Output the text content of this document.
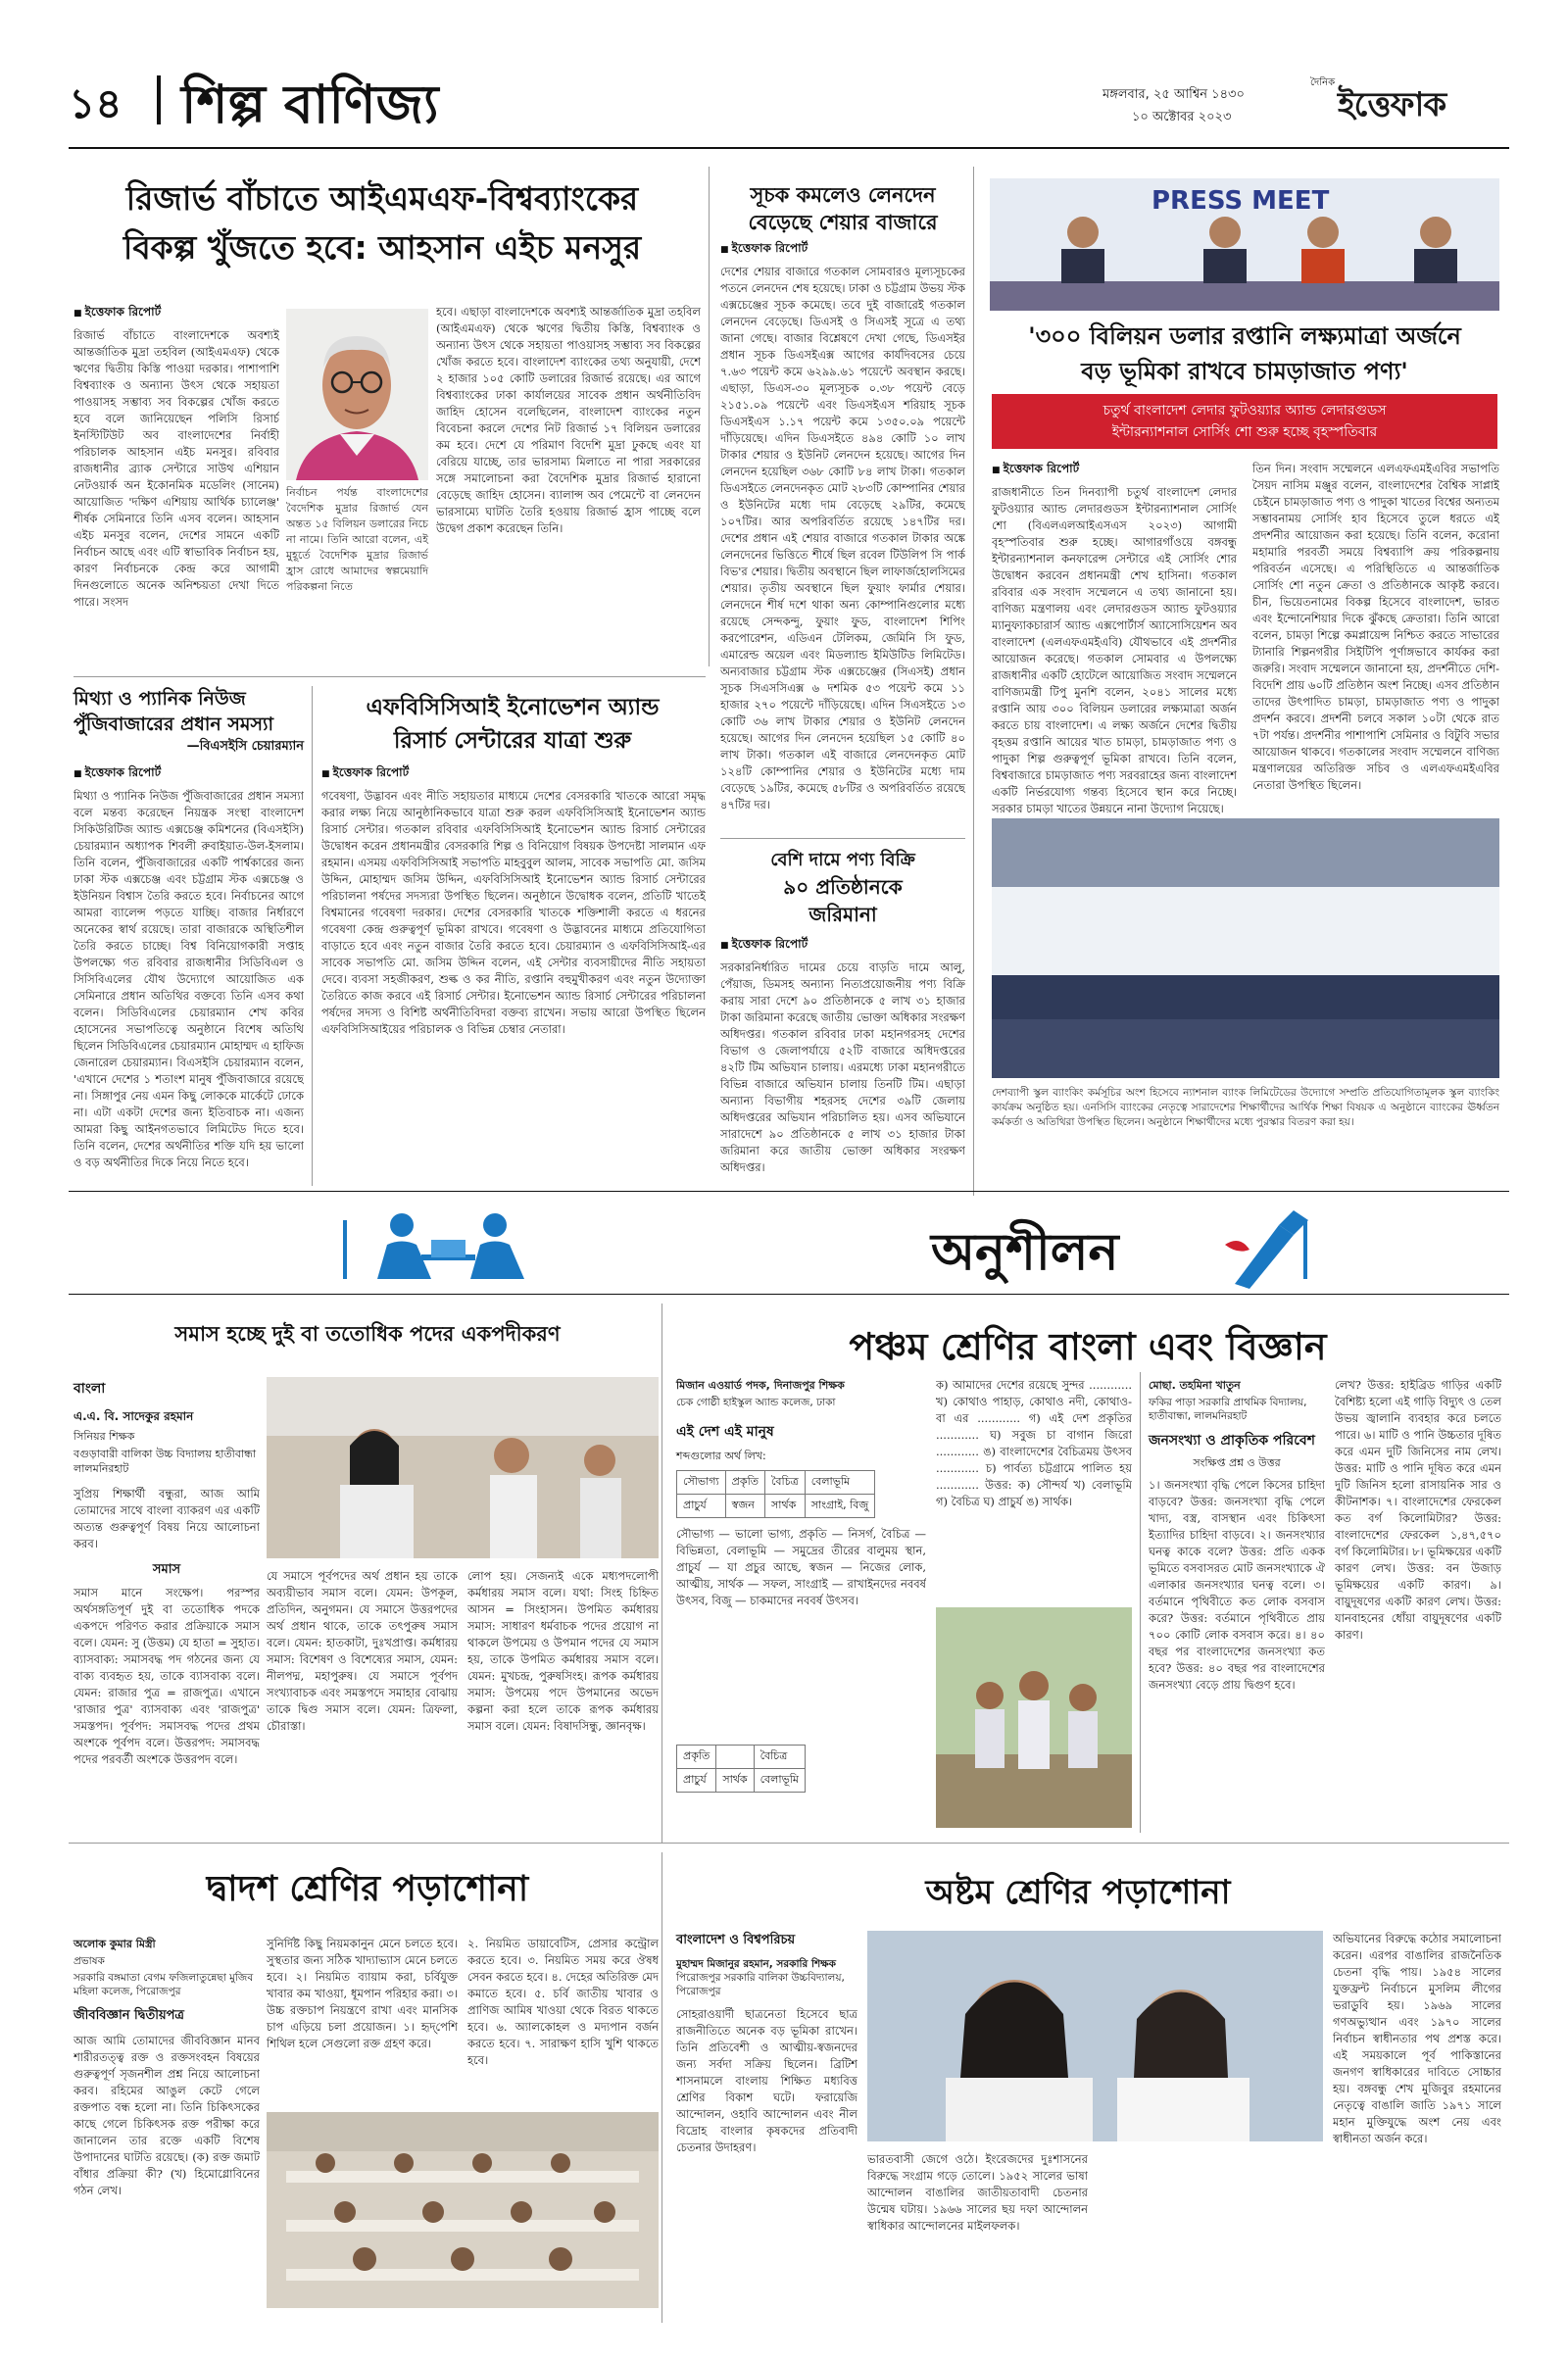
১৪ শিল্প বাণিজ্য	মঙ্গলবার, ২৫ আশ্বিন ১৪৩০
১০ অক্টোবর ২০২৩
দৈনিক
ইত্তেফাক
রিজার্ভ বাঁচাতে আইএমএফ-বিশ্বব্যাংকের
বিকল্প খুঁজতে হবে: আহসান এইচ মনসুর
■ ইত্তেফাক রিপোর্ট
রিজার্ভ বাঁচাতে বাংলাদেশকে অবশ্যই আন্তর্জাতিক মুদ্রা তহবিল (আইএমএফ) থেকে ঋণের দ্বিতীয় কিস্তি পাওয়া দরকার। পাশাপাশি বিশ্বব্যাংক ও অন্যান্য উৎস থেকে সহায়তা পাওয়াসহ সম্ভাব্য সব বিকল্পের খোঁজ করতে হবে বলে জানিয়েছেন পলিসি রিসার্চ ইনস্টিটিউট অব বাংলাদেশের নির্বাহী পরিচালক আহসান এইচ মনসুর। রবিবার রাজধানীর ব্র্যাক সেন্টারে সাউথ এশিয়ান নেটওয়ার্ক অন ইকোনমিক মডেলিং (সানেম) আয়োজিত 'দক্ষিণ এশিয়ায় আর্থিক চ্যালেঞ্জ' শীর্ষক সেমিনারে তিনি এসব বলেন। আহসান এইচ মনসুর বলেন, দেশের সামনে একটি নির্বাচন আছে এবং এটি স্বাভাবিক নির্বাচন হয়, কারণ নির্বাচনকে কেন্দ্র করে আগামী দিনগুলোতে অনেক অনিশ্চয়তা দেখা দিতে পারে। সংসদ
নির্বাচন পর্যন্ত বাংলাদেশের বৈদেশিক মুদ্রার রিজার্ভ যেন অন্তত ১৫ বিলিয়ন ডলারের নিচে না নামে। তিনি আরো বলেন, এই মুহূর্তে বৈদেশিক মুদ্রার রিজার্ভ হ্রাস রোধে আমাদের স্বল্পমেয়াদি পরিকল্পনা নিতে
হবে। এছাড়া বাংলাদেশকে অবশ্যই আন্তর্জাতিক মুদ্রা তহবিল (আইএমএফ) থেকে ঋণের দ্বিতীয় কিস্তি, বিশ্বব্যাংক ও অন্যান্য উৎস থেকে সহায়তা পাওয়াসহ সম্ভাব্য সব বিকল্পের খোঁজ করতে হবে। বাংলাদেশ ব্যাংকের তথ্য অনুযায়ী, দেশে ২ হাজার ১০৫ কোটি ডলারের রিজার্ভ রয়েছে। এর আগে বিশ্বব্যাংকের ঢাকা কার্যালয়ের সাবেক প্রধান অর্থনীতিবিদ জাহিদ হোসেন বলেছিলেন, বাংলাদেশ ব্যাংকের নতুন বিবেচনা করলে দেশের নিট রিজার্ভ ১৭ বিলিয়ন ডলারের কম হবে। দেশে যে পরিমাণ বিদেশি মুদ্রা ঢুকছে এবং যা বেরিয়ে যাচ্ছে, তার ভারসাম্য মিলাতে না পারা সরকারের সঙ্গে সমালোচনা করা বৈদেশিক মুদ্রার রিজার্ভ হারানো বেড়েছে জাহিদ হোসেন। ব্যালান্স অব পেমেন্টে বা লেনদেন ভারসাম্যে ঘাটতি তৈরি হওয়ায় রিজার্ভ হ্রাস পাচ্ছে বলে উদ্বেগ প্রকাশ করেছেন তিনি।
সূচক কমলেও লেনদেন
বেড়েছে শেয়ার বাজারে
■ ইত্তেফাক রিপোর্ট
দেশের শেয়ার বাজারে গতকাল সোমবারও মূল্যসূচকের পতনে লেনদেন শেষ হয়েছে। ঢাকা ও চট্টগ্রাম উভয় স্টক এক্সচেঞ্জের সূচক কমেছে। তবে দুই বাজারেই গতকাল লেনদেন বেড়েছে। ডিএসই ও সিএসই সূত্রে এ তথ্য জানা গেছে। বাজার বিশ্লেষণে দেখা গেছে, ডিএসইর প্রধান সূচক ডিএসইএক্স আগের কার্যদিবসের চেয়ে ৭.৬৩ পয়েন্ট কমে ৬২৯৯.৬১ পয়েন্টে অবস্থান করছে। এছাড়া, ডিএস-৩০ মূল্যসূচক ০.৩৮ পয়েন্ট বেড়ে ২১৫১.০৯ পয়েন্টে এবং ডিএসইএস শরিয়াহ সূচক ডিএসইএস ১.১৭ পয়েন্ট কমে ১৩৫০.০৯ পয়েন্টে দাঁড়িয়েছে। এদিন ডিএসইতে ৪৯৪ কোটি ১০ লাখ টাকার শেয়ার ও ইউনিট লেনদেন হয়েছে। আগের দিন লেনদেন হয়েছিল ৩৬৮ কোটি ৮৪ লাখ টাকা। গতকাল ডিএসইতে লেনদেনকৃত মোট ২৮৩টি কোম্পানির শেয়ার ও ইউনিটের মধ্যে দাম বেড়েছে ২৯টির, কমেছে ১০৭টির। আর অপরিবর্তিত রয়েছে ১৪৭টির দর। দেশের প্রধান এই শেয়ার বাজারে গতকাল টাকার অঙ্কে লেনদেনের ভিত্তিতে শীর্ষে ছিল রবেল টিউলিপ সি পার্ক বিভ'র শেয়ার। দ্বিতীয় অবস্থানে ছিল লাফার্জহোলসিমের শেয়ার। তৃতীয় অবস্থানে ছিল ফুয়াং ফার্মার শেয়ার। লেনদেনে শীর্ষ দশে থাকা অন্য কোম্পানিগুলোর মধ্যে রয়েছে সেন্দকন্দু, ফুয়াং ফুড, বাংলাদেশ শিপিং করপোরেশন, এডিএন টেলিকম, জেমিনি সি ফুড, এমারেল্ড অয়েল এবং মিডল্যান্ড ইমিউটিড লিমিটেড। অন্যবাজার চট্টগ্রাম স্টক এক্সচেঞ্জের (সিএসই) প্রধান সূচক সিএসসিএক্স ৬ দশমিক ৫৩ পয়েন্ট কমে ১১ হাজার ২৭০ পয়েন্টে দাঁড়িয়েছে। এদিন সিএসইতে ১৩ কোটি ৩৬ লাখ টাকার শেয়ার ও ইউনিট লেনদেন হয়েছে। আগের দিন লেনদেন হয়েছিল ১৫ কোটি ৪০ লাখ টাকা। গতকাল এই বাজারে লেনদেনকৃত মোট ১২৪টি কোম্পানির শেয়ার ও ইউনিটের মধ্যে দাম বেড়েছে ১৯টির, কমেছে ৫৮টির ও অপরিবর্তিত রয়েছে ৪৭টির দর।
বেশি দামে পণ্য বিক্রি
৯০ প্রতিষ্ঠানকে
জরিমানা
■ ইত্তেফাক রিপোর্ট
সরকারনির্ধারিত দামের চেয়ে বাড়তি দামে আলু, পেঁয়াজ, ডিমসহ অন্যান্য নিত্যপ্রয়োজনীয় পণ্য বিক্রি করায় সারা দেশে ৯০ প্রতিষ্ঠানকে ৫ লাখ ৩১ হাজার টাকা জরিমানা করেছে জাতীয় ভোক্তা অধিকার সংরক্ষণ অধিদপ্তর। গতকাল রবিবার ঢাকা মহানগরসহ দেশের বিভাগ ও জেলাপর্যায়ে ৫২টি বাজারে অধিদপ্তরের ৪২টি টিম অভিযান চালায়। এরমধ্যে ঢাকা মহানগরীতে বিভিন্ন বাজারে অভিযান চালায় তিনটি টিম। এছাড়া অন্যান্য বিভাগীয় শহরসহ দেশের ৩৯টি জেলায় অধিদপ্তরের অভিযান পরিচালিত হয়। এসব অভিযানে সারাদেশে ৯০ প্রতিষ্ঠানকে ৫ লাখ ৩১ হাজার টাকা জরিমানা করে জাতীয় ভোক্তা অধিকার সংরক্ষণ অধিদপ্তর।
মিথ্যা ও প্যানিক নিউজ
পুঁজিবাজারের প্রধান সমস্যা
—বিএসইসি চেয়ারম্যান
■ ইত্তেফাক রিপোর্ট
মিথ্যা ও প্যানিক নিউজ পুঁজিবাজারের প্রধান সমস্যা বলে মন্তব্য করেছেন নিয়ন্ত্রক সংস্থা বাংলাদেশ সিকিউরিটিজ অ্যান্ড এক্সচেঞ্জ কমিশনের (বিএসইসি) চেয়ারম্যান অধ্যাপক শিবলী রুবাইয়াত-উল-ইসলাম। তিনি বলেন, পুঁজিবাজারের একটি পার্শ্বকারের জন্য ঢাকা স্টক এক্সচেঞ্জ এবং চট্টগ্রাম স্টক এক্সচেঞ্জ ও ইউনিয়ন বিশ্বাস তৈরি করতে হবে। নির্বাচনের আগে আমরা ব্যালেন্স পড়তে যাচ্ছি। বাজার নির্ধারণে অনেকের স্বার্থ রয়েছে। তারা বাজারকে অস্থিতিশীল তৈরি করতে চাচ্ছে। বিশ্ব বিনিয়োগকারী সপ্তাহ উপলক্ষ্যে গত রবিবার রাজধানীর সিডিবিএল ও সিসিবিএলের যৌথ উদ্যোগে আয়োজিত এক সেমিনারে প্রধান অতিথির বক্তব্যে তিনি এসব কথা বলেন। সিডিবিএলের চেয়ারম্যান শেখ কবির হোসেনের সভাপতিত্বে অনুষ্ঠানে বিশেষ অতিথি ছিলেন সিডিবিএলের চেয়ারম্যান মোহাম্মদ এ হাফিজ জেনারেল চেয়ারম্যান। বিএসইসি চেয়ারম্যান বলেন, 'এখানে দেশের ১ শতাংশ মানুষ পুঁজিবাজারে রয়েছে না। সিঙ্গাপুর নেয় এমন কিছু লোককে মার্কেটে ঢোকে না। এটা একটা দেশের জন্য ইতিবাচক না। এজন্য আমরা কিছু আইনগতভাবে লিমিটেড দিতে হবে। তিনি বলেন, দেশের অর্থনীতির শক্তি যদি হয় ভালো ও বড় অর্থনীতির দিকে নিয়ে নিতে হবে।
এফবিসিসিআই ইনোভেশন অ্যান্ড
রিসার্চ সেন্টারের যাত্রা শুরু
■ ইত্তেফাক রিপোর্ট
গবেষণা, উদ্ভাবন এবং নীতি সহায়তার মাধ্যমে দেশের বেসরকারি খাতকে আরো সমৃদ্ধ করার লক্ষ্য নিয়ে আনুষ্ঠানিকভাবে যাত্রা শুরু করল এফবিসিসিআই ইনোভেশন অ্যান্ড রিসার্চ সেন্টার। গতকাল রবিবার এফবিসিসিআই ইনোভেশন অ্যান্ড রিসার্চ সেন্টারের উদ্বোধন করেন প্রধানমন্ত্রীর বেসরকারি শিল্প ও বিনিয়োগ বিষয়ক উপদেষ্টা সালমান এফ রহমান। এসময় এফবিসিসিআই সভাপতি মাহবুবুল আলম, সাবেক সভাপতি মো. জসিম উদ্দিন, মোহাম্মদ জসিম উদ্দিন, এফবিসিসিআই ইনোভেশন অ্যান্ড রিসার্চ সেন্টারের পরিচালনা পর্ষদের সদস্যরা উপস্থিত ছিলেন। অনুষ্ঠানে উদ্বোধক বলেন, প্রতিটি খাতেই বিশ্বমানের গবেষণা দরকার। দেশের বেসরকারি খাতকে শক্তিশালী করতে এ ধরনের গবেষণা কেন্দ্র গুরুত্বপূর্ণ ভূমিকা রাখবে। গবেষণা ও উদ্ভাবনের মাধ্যমে প্রতিযোগিতা বাড়াতে হবে এবং নতুন বাজার তৈরি করতে হবে। চেয়ারম্যান ও এফবিসিসিআই-এর সাবেক সভাপতি মো. জসিম উদ্দিন বলেন, এই সেন্টার ব্যবসায়ীদের নীতি সহায়তা দেবে। ব্যবসা সহজীকরণ, শুল্ক ও কর নীতি, রপ্তানি বহুমুখীকরণ এবং নতুন উদ্যোক্তা তৈরিতে কাজ করবে এই রিসার্চ সেন্টার। ইনোভেশন অ্যান্ড রিসার্চ সেন্টারের পরিচালনা পর্ষদের সদস্য ও বিশিষ্ট অর্থনীতিবিদরা বক্তব্য রাখেন। সভায় আরো উপস্থিত ছিলেন এফবিসিসিআইয়ের পরিচালক ও বিভিন্ন চেম্বার নেতারা।
PRESS MEET
'৩০০ বিলিয়ন ডলার রপ্তানি লক্ষ্যমাত্রা অর্জনে
বড় ভূমিকা রাখবে চামড়াজাত পণ্য'
চতুর্থ বাংলাদেশ লেদার ফুটওয়্যার অ্যান্ড লেদারগুডস
ইন্টারন্যাশনাল সোর্সিং শো শুরু হচ্ছে বৃহস্পতিবার
■ ইত্তেফাক রিপোর্ট
রাজধানীতে তিন দিনব্যাপী চতুর্থ বাংলাদেশ লেদার ফুটওয়্যার অ্যান্ড লেদারগুডস ইন্টারন্যাশনাল সোর্সিং শো (বিএলএলআইএসএস ২০২৩) আগামী বৃহস্পতিবার শুরু হচ্ছে। আগারগাঁওয়ে বঙ্গবন্ধু ইন্টারন্যাশনাল কনফারেন্স সেন্টারে এই সোর্সিং শোর উদ্বোধন করবেন প্রধানমন্ত্রী শেখ হাসিনা। গতকাল রবিবার এক সংবাদ সম্মেলনে এ তথ্য জানানো হয়। বাণিজ্য মন্ত্রণালয় এবং লেদারগুডস অ্যান্ড ফুটওয়্যার ম্যানুফ্যাকচারার্স অ্যান্ড এক্সপোর্টার্স অ্যাসোসিয়েশন অব বাংলাদেশ (এলএফএমইএবি) যৌথভাবে এই প্রদর্শনীর আয়োজন করেছে। গতকাল সোমবার এ উপলক্ষ্যে রাজধানীর একটি হোটেলে আয়োজিত সংবাদ সম্মেলনে বাণিজ্যমন্ত্রী টিপু মুনশি বলেন, ২০৪১ সালের মধ্যে রপ্তানি আয় ৩০০ বিলিয়ন ডলারের লক্ষ্যমাত্রা অর্জন করতে চায় বাংলাদেশ। এ লক্ষ্য অর্জনে দেশের দ্বিতীয় বৃহত্তম রপ্তানি আয়ের খাত চামড়া, চামড়াজাত পণ্য ও পাদুকা শিল্প গুরুত্বপূর্ণ ভূমিকা রাখবে। তিনি বলেন, বিশ্ববাজারে চামড়াজাত পণ্য সরবরাহের জন্য বাংলাদেশ একটি নির্ভরযোগ্য গন্তব্য হিসেবে স্থান করে নিচ্ছে। সরকার চামড়া খাতের উন্নয়নে নানা উদ্যোগ নিয়েছে।
তিন দিন। সংবাদ সম্মেলনে এলএফএমইএবির সভাপতি সৈয়দ নাসিম মঞ্জুর বলেন, বাংলাদেশের বৈশ্বিক সাপ্লাই চেইনে চামড়াজাত পণ্য ও পাদুকা খাতের বিশ্বের অন্যতম সম্ভাবনাময় সোর্সিং হাব হিসেবে তুলে ধরতে এই প্রদর্শনীর আয়োজন করা হয়েছে। তিনি বলেন, করোনা মহামারি পরবর্তী সময়ে বিশ্বব্যাপি ক্রয় পরিকল্পনায় পরিবর্তন এসেছে। এ পরিস্থিতিতে এ আন্তর্জাতিক সোর্সিং শো নতুন ক্রেতা ও প্রতিষ্ঠানকে আকৃষ্ট করবে। চীন, ভিয়েতনামের বিকল্প হিসেবে বাংলাদেশ, ভারত এবং ইন্দোনেশিয়ার দিকে ঝুঁকছে ক্রেতারা। তিনি আরো বলেন, চামড়া শিল্পে কমপ্লায়েন্স নিশ্চিত করতে সাভারের ট্যানারি শিল্পনগরীর সিইটিপি পূর্ণাঙ্গভাবে কার্যকর করা জরুরি। সংবাদ সম্মেলনে জানানো হয়, প্রদর্শনীতে দেশি-বিদেশি প্রায় ৬০টি প্রতিষ্ঠান অংশ নিচ্ছে। এসব প্রতিষ্ঠান তাদের উৎপাদিত চামড়া, চামড়াজাত পণ্য ও পাদুকা প্রদর্শন করবে। প্রদর্শনী চলবে সকাল ১০টা থেকে রাত ৭টা পর্যন্ত। প্রদর্শনীর পাশাপাশি সেমিনার ও বিটুবি সভার আয়োজন থাকবে। গতকালের সংবাদ সম্মেলনে বাণিজ্য মন্ত্রণালয়ের অতিরিক্ত সচিব ও এলএফএমইএবির নেতারা উপস্থিত ছিলেন।
দেশব্যাপী স্কুল ব্যাংকিং কর্মসূচির অংশ হিসেবে ন্যাশনাল ব্যাংক লিমিটেডের উদ্যোগে সম্প্রতি প্রতিযোগিতামূলক স্কুল ব্যাংকিং কার্যক্রম অনুষ্ঠিত হয়। এনসিসি ব্যাংকের নেতৃত্বে সারাদেশের শিক্ষার্থীদের আর্থিক শিক্ষা বিষয়ক এ অনুষ্ঠানে ব্যাংকের ঊর্ধ্বতন কর্মকর্তা ও অতিথিরা উপস্থিত ছিলেন। অনুষ্ঠানে শিক্ষার্থীদের মধ্যে পুরস্কার বিতরণ করা হয়।
অনুশীলন
সমাস হচ্ছে দুই বা ততোধিক পদের একপদীকরণ
বাংলা
এ.এ. বি. সাদেকুর রহমান
সিনিয়র শিক্ষক
বগুড়াবারী বালিকা উচ্চ বিদ্যালয় হাতীবান্ধা লালমনিরহাট
সুপ্রিয় শিক্ষার্থী বন্ধুরা, আজ আমি তোমাদের সাথে বাংলা ব্যাকরণ এর একটি অত্যন্ত গুরুত্বপূর্ণ বিষয় নিয়ে আলোচনা করব।
সমাস
সমাস মানে সংক্ষেপ। পরস্পর অর্থসঙ্গতিপূর্ণ দুই বা ততোধিক পদকে একপদে পরিণত করার প্রক্রিয়াকে সমাস বলে। যেমন: সু (উত্তম) যে হাতা = সুহাত। ব্যাসবাক্য: সমাসবদ্ধ পদ গঠনের জন্য যে বাক্য ব্যবহৃত হয়, তাকে ব্যাসবাক্য বলে। যেমন: রাজার পুত্র = রাজপুত্র। এখানে 'রাজার পুত্র' ব্যাসবাক্য এবং 'রাজপুত্র' সমস্তপদ। পূর্বপদ: সমাসবদ্ধ পদের প্রথম অংশকে পূর্বপদ বলে। উত্তরপদ: সমাসবদ্ধ পদের পরবর্তী অংশকে উত্তরপদ বলে।
যে সমাসে পূর্বপদের অর্থ প্রধান হয় তাকে অব্যয়ীভাব সমাস বলে। যেমন: উপকূল, প্রতিদিন, অনুগমন। যে সমাসে উত্তরপদের অর্থ প্রধান থাকে, তাকে তৎপুরুষ সমাস বলে। যেমন: হাতকাটা, দুঃখপ্রাপ্ত। কর্মধারয় সমাস: বিশেষণ ও বিশেষ্যের সমাস, যেমন: নীলপদ্ম, মহাপুরুষ। যে সমাসে পূর্বপদ সংখ্যাবাচক এবং সমস্তপদে সমাহার বোঝায় তাকে দ্বিগু সমাস বলে। যেমন: ত্রিফলা, চৌরাস্তা।
লোপ হয়। সেজন্যই একে মধ্যপদলোপী কর্মধারয় সমাস বলে। যথা: সিংহ চিহ্নিত আসন = সিংহাসন। উপমিত কর্মধারয় সমাস: সাধারণ ধর্মবাচক পদের প্রয়োগ না থাকলে উপমেয় ও উপমান পদের যে সমাস হয়, তাকে উপমিত কর্মধারয় সমাস বলে। যেমন: মুখচন্দ্র, পুরুষসিংহ। রূপক কর্মধারয় সমাস: উপমেয় পদে উপমানের অভেদ কল্পনা করা হলে তাকে রূপক কর্মধারয় সমাস বলে। যেমন: বিষাদসিন্ধু, জ্ঞানবৃক্ষ।
পঞ্চম শ্রেণির বাংলা এবং বিজ্ঞান
মিজান এওয়ার্ড পদক, দিনাজপুর শিক্ষক
চেক গোষ্ঠী হাইস্কুল অ্যান্ড কলেজ, ঢাকা
এই দেশ এই মানুষ
শব্দগুলোর অর্থ লিখ:
সৌভাগ্য	প্রকৃতি	বৈচিত্র	বেলাভূমি
প্রাচুর্য	স্বজন	সার্থক	সাংগ্রাই, বিজু
সৌভাগ্য — ভালো ভাগ্য, প্রকৃতি — নিসর্গ, বৈচিত্র — বিভিন্নতা, বেলাভূমি — সমুদ্রের তীরের বালুময় স্থান, প্রাচুর্য — যা প্রচুর আছে, স্বজন — নিজের লোক, আত্মীয়, সার্থক — সফল, সাংগ্রাই — রাখাইনদের নববর্ষ উৎসব, বিজু — চাকমাদের নববর্ষ উৎসব।
প্রকৃতি		বৈচিত্র
প্রাচুর্য	সার্থক	বেলাভূমি
ক) আমাদের দেশের রয়েছে সুন্দর ............ খ) কোথাও পাহাড়, কোথাও নদী, কোথাও-বা এর ............ গ) এই দেশ প্রকৃতির ............ ঘ) সবুজ চা বাগান জিরো ............ ঙ) বাংলাদেশের বৈচিত্রময় উৎসব ............ চ) পার্বত্য চট্টগ্রামে পালিত হয় ............ উত্তর: ক) সৌন্দর্য খ) বেলাভূমি গ) বৈচিত্র ঘ) প্রাচুর্য ঙ) সার্থক।
মোছা. তহমিনা খাতুন
ফকির পাড়া সরকারি প্রাথমিক বিদ্যালয়, হাতীবান্ধা, লালমনিরহাট
জনসংখ্যা ও প্রাকৃতিক পরিবেশ
সংক্ষিপ্ত প্রশ্ন ও উত্তর
১। জনসংখ্যা বৃদ্ধি পেলে কিসের চাহিদা বাড়বে? উত্তর: জনসংখ্যা বৃদ্ধি পেলে খাদ্য, বস্ত্র, বাসস্থান এবং চিকিৎসা ইত্যাদির চাহিদা বাড়বে। ২। জনসংখ্যার ঘনত্ব কাকে বলে? উত্তর: প্রতি একক ভূমিতে বসবাসরত মোট জনসংখ্যাকে ঐ এলাকার জনসংখ্যার ঘনত্ব বলে। ৩। বর্তমানে পৃথিবীতে কত লোক বসবাস করে? উত্তর: বর্তমানে পৃথিবীতে প্রায় ৭০০ কোটি লোক বসবাস করে। ৪। ৪০ বছর পর বাংলাদেশের জনসংখ্যা কত হবে? উত্তর: ৪০ বছর পর বাংলাদেশের জনসংখ্যা বেড়ে প্রায় দ্বিগুণ হবে।
লেখ? উত্তর: হাইব্রিড গাড়ির একটি বৈশিষ্ট্য হলো এই গাড়ি বিদ্যুৎ ও তেল উভয় জ্বালানি ব্যবহার করে চলতে পারে। ৬। মাটি ও পানি উচ্চতার দূষিত করে এমন দুটি জিনিসের নাম লেখ। উত্তর: মাটি ও পানি দূষিত করে এমন দুটি জিনিস হলো রাসায়নিক সার ও কীটনাশক। ৭। বাংলাদেশের ফেরকেল কত বর্গ কিলোমিটার? উত্তর: বাংলাদেশের ফেরকেল ১,৪৭,৫৭০ বর্গ কিলোমিটার। ৮। ভূমিক্ষয়ের একটি কারণ লেখ। উত্তর: বন উজাড় ভূমিক্ষয়ের একটি কারণ। ৯। বায়ুদূষণের একটি কারণ লেখ। উত্তর: যানবাহনের ধোঁয়া বায়ুদূষণের একটি কারণ।
দ্বাদশ শ্রেণির পড়াশোনা
অলোক কুমার মিস্ত্রী
প্রভাষক
সরকারি বঙ্গমাতা বেগম ফজিলাতুন্নেছা মুজিব মহিলা কলেজ, পিরোজপুর
জীববিজ্ঞান দ্বিতীয়পত্র
আজ আমি তোমাদের জীববিজ্ঞান মানব শারীরতত্ত্ব রক্ত ও রক্তসংবহন বিষয়ের গুরুত্বপূর্ণ সৃজনশীল প্রশ্ন নিয়ে আলোচনা করব। রহিমের আঙুল কেটে গেলে রক্তপাত বন্ধ হলো না। তিনি চিকিৎসকের কাছে গেলে চিকিৎসক রক্ত পরীক্ষা করে জানালেন তার রক্তে একটি বিশেষ উপাদানের ঘাটতি রয়েছে। (ক) রক্ত জমাট বাঁধার প্রক্রিয়া কী? (খ) হিমোগ্লোবিনের গঠন লেখ।
সুনির্দিষ্ট কিছু নিয়মকানুন মেনে চলতে হবে। সুস্থতার জন্য সঠিক খাদ্যাভ্যাস মেনে চলতে হবে। ২। নিয়মিত ব্যায়াম করা, চর্বিযুক্ত খাবার কম খাওয়া, ধূমপান পরিহার করা। ৩। উচ্চ রক্তচাপ নিয়ন্ত্রণে রাখা এবং মানসিক চাপ এড়িয়ে চলা প্রয়োজন। ১। হৃদ্‌পেশি শিথিল হলে সেগুলো রক্ত গ্রহণ করে।
২. নিয়মিত ডায়াবেটিস, প্রেসার কন্ট্রোল করতে হবে। ৩. নিয়মিত সময় করে ঔষধ সেবন করতে হবে। ৪. দেহের অতিরিক্ত মেদ কমাতে হবে। ৫. চর্বি জাতীয় খাবার ও প্রাণিজ আমিষ খাওয়া থেকে বিরত থাকতে হবে। ৬. অ্যালকোহল ও মদ্যপান বর্জন করতে হবে। ৭. সারাক্ষণ হাসি খুশি থাকতে হবে।
অষ্টম শ্রেণির পড়াশোনা
বাংলাদেশ ও বিশ্বপরিচয়
মুহাম্মদ মিজানুর রহমান, সরকারি শিক্ষক
পিরোজপুর সরকারি বালিকা উচ্চবিদ্যালয়, পিরোজপুর
সোহরাওয়ার্দী ছাত্রনেতা হিসেবে ছাত্র রাজনীতিতে অনেক বড় ভূমিকা রাখেন। তিনি প্রতিবেশী ও আত্মীয়-স্বজনদের জন্য সর্বদা সক্রিয় ছিলেন। ব্রিটিশ শাসনামলে বাংলায় শিক্ষিত মধ্যবিত্ত শ্রেণির বিকাশ ঘটে। ফরায়েজি আন্দোলন, ওহাবি আন্দোলন এবং নীল বিদ্রোহ বাংলার কৃষকদের প্রতিবাদী চেতনার উদাহরণ।
ভারতবাসী জেগে ওঠে। ইংরেজদের দুঃশাসনের বিরুদ্ধে সংগ্রাম গড়ে তোলে। ১৯৫২ সালের ভাষা আন্দোলন বাঙালির জাতীয়তাবাদী চেতনার উন্মেষ ঘটায়। ১৯৬৬ সালের ছয় দফা আন্দোলন স্বাধিকার আন্দোলনের মাইলফলক।
অভিযানের বিরুদ্ধে কঠোর সমালোচনা করেন। এরপর বাঙালির রাজনৈতিক চেতনা বৃদ্ধি পায়। ১৯৫৪ সালের যুক্তফ্রন্ট নির্বাচনে মুসলিম লীগের ভরাডুবি হয়। ১৯৬৯ সালের গণঅভ্যুত্থান এবং ১৯৭০ সালের নির্বাচন স্বাধীনতার পথ প্রশস্ত করে। এই সময়কালে পূর্ব পাকিস্তানের জনগণ স্বাধিকারের দাবিতে সোচ্চার হয়। বঙ্গবন্ধু শেখ মুজিবুর রহমানের নেতৃত্বে বাঙালি জাতি ১৯৭১ সালে মহান মুক্তিযুদ্ধে অংশ নেয় এবং স্বাধীনতা অর্জন করে।
